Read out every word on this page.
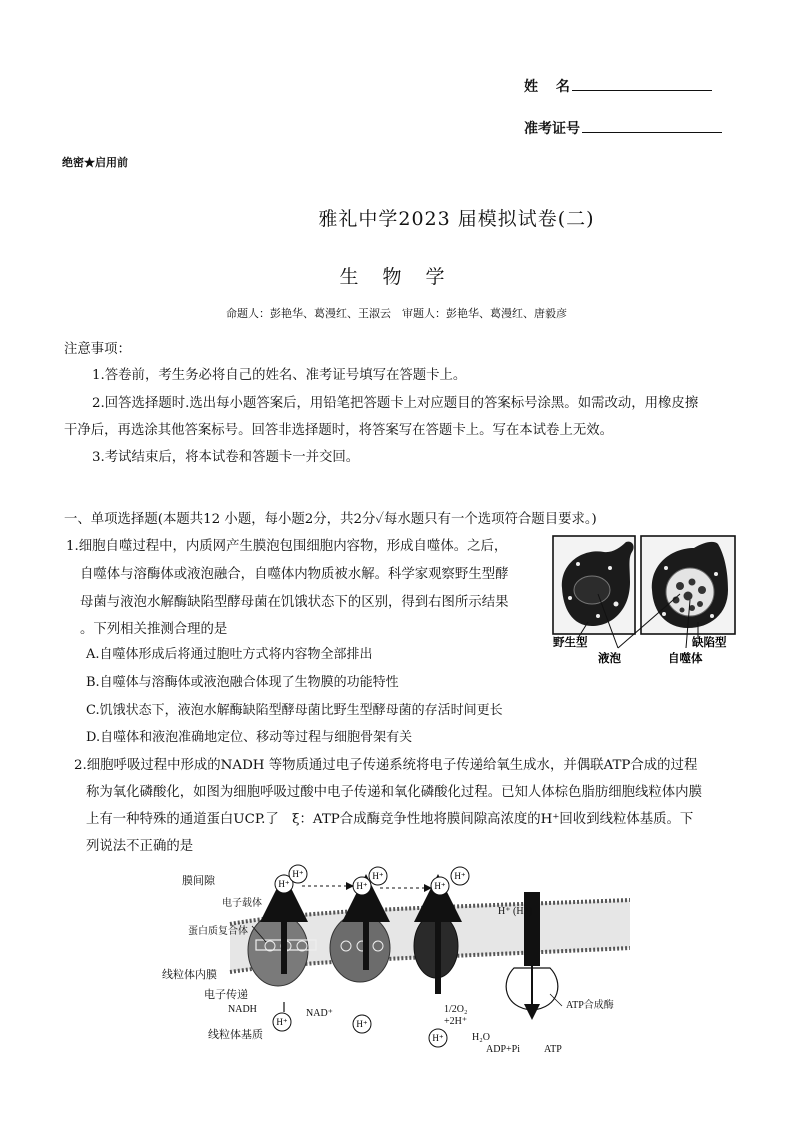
姓　 名
准考证号
绝密★启用前
雅礼中学2023 届模拟试卷(二)
生 物 学
命题人：彭艳华、葛漫红、王淑云　审题人：彭艳华、葛漫红、唐毅彦
注意事项：
1.答卷前，考生务必将自己的姓名、准考证号填写在答题卡上。
2.回答选择题时.选出每小题答案后，用铅笔把答题卡上对应题目的答案标号涂黑。如需改动，用橡皮擦
干净后，再选涂其他答案标号。回答非选择题时，将答案写在答题卡上。写在本试卷上无效。
3.考试结束后，将本试卷和答题卡一并交回。
一、单项选择题(本题共12 小题，每小题2分，共2分✓每水题只有一个选项符合题目要求。)
1.细胞自噬过程中，内质网产生膜泡包围细胞内容物，形成自噬体。之后，
自噬体与溶酶体或液泡融合，自噬体内物质被水解。科学家观察野生型酵
母菌与液泡水解酶缺陷型酵母菌在饥饿状态下的区别，得到右图所示结果
。下列相关推测合理的是
A.自噬体形成后将通过胞吐方式将内容物全部排出
B.自噬体与溶酶体或液泡融合体现了生物膜的功能特性
C.饥饿状态下，液泡水解酶缺陷型酵母菌比野生型酵母菌的存活时间更长
D.自噬体和液泡准确地定位、移动等过程与细胞骨架有关
野生型	缺陷型
液泡	自噬体
2.细胞呼吸过程中形成的NADH 等物质通过电子传递系统将电子传递给氧生成水，并偶联ATP合成的过程
称为氧化磷酸化，如图为细胞呼吸过酸中电子传递和氧化磷酸化过程。已知人体棕色脂肪细胞线粒体内膜
上有一种特殊的通道蛋白UCP.了　ξ：ATP合成酶竞争性地将膜间隙高浓度的H⁺回收到线粒体基质。下
列说法不正确的是
H⁺
H⁺
H⁺
H⁺
H⁺
H⁺
H⁺	H⁺
H⁺
膜间隙
电子载体
蛋白质复合体
线粒体内膜
电子传递
NADH	NAD⁺
线粒体基质
1/2O₂
+2H⁺
H₂O
ADP+Pi ATP
ATP合成酶
H⁺ (H⁺)
